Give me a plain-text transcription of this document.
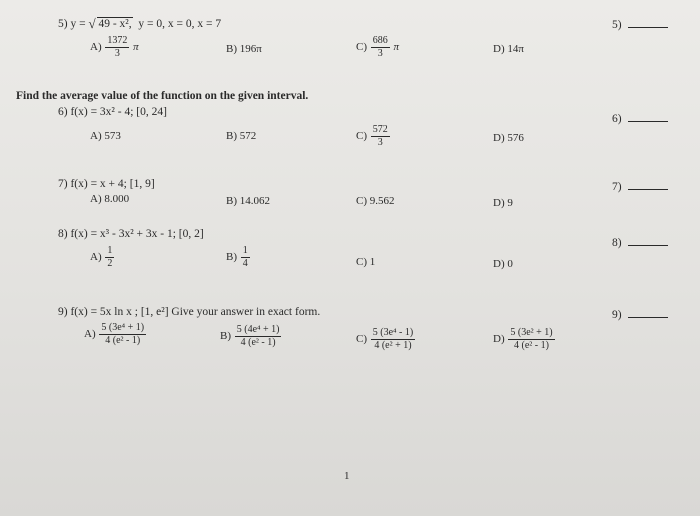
5) y = √ 49 - x², y = 0, x = 0, x = 7	5)
$A) \frac{1372}{3}$ π	B) 196π	$C) \frac{686}{3}$ π	D) 14π
Find the average value of the function on the given interval.
6) f(x) = 3x² - 4; [0, 24]
6)
A) 573	B) 572	$C) \frac{572}{3}$	D) 576
7) f(x) = x + 4; [1, 9]	7)
A) 8.000	B) 14.062	C) 9.562	D) 9
8) f(x) = x³ - 3x² + 3x - 1; [0, 2]
8)
$A) \frac{1}{2}$	$B) \frac{1}{4}$	C) 1	D) 0
9) f(x) = 5x ln x ; [1, e²] Give your answer in exact form.	9)
$A) \frac{\text{5 (3e⁴ + 1)}}{\text{4 (e² - 1)}}$	$B) \frac{\text{5 (4e⁴ + 1)}}{\text{4 (e² - 1)}}$	$C) \frac{\text{5 (3e⁴ - 1)}}{\text{4 (e² + 1)}}$	$D) \frac{\text{5 (3e² + 1)}}{\text{4 (e² - 1)}}$
1
